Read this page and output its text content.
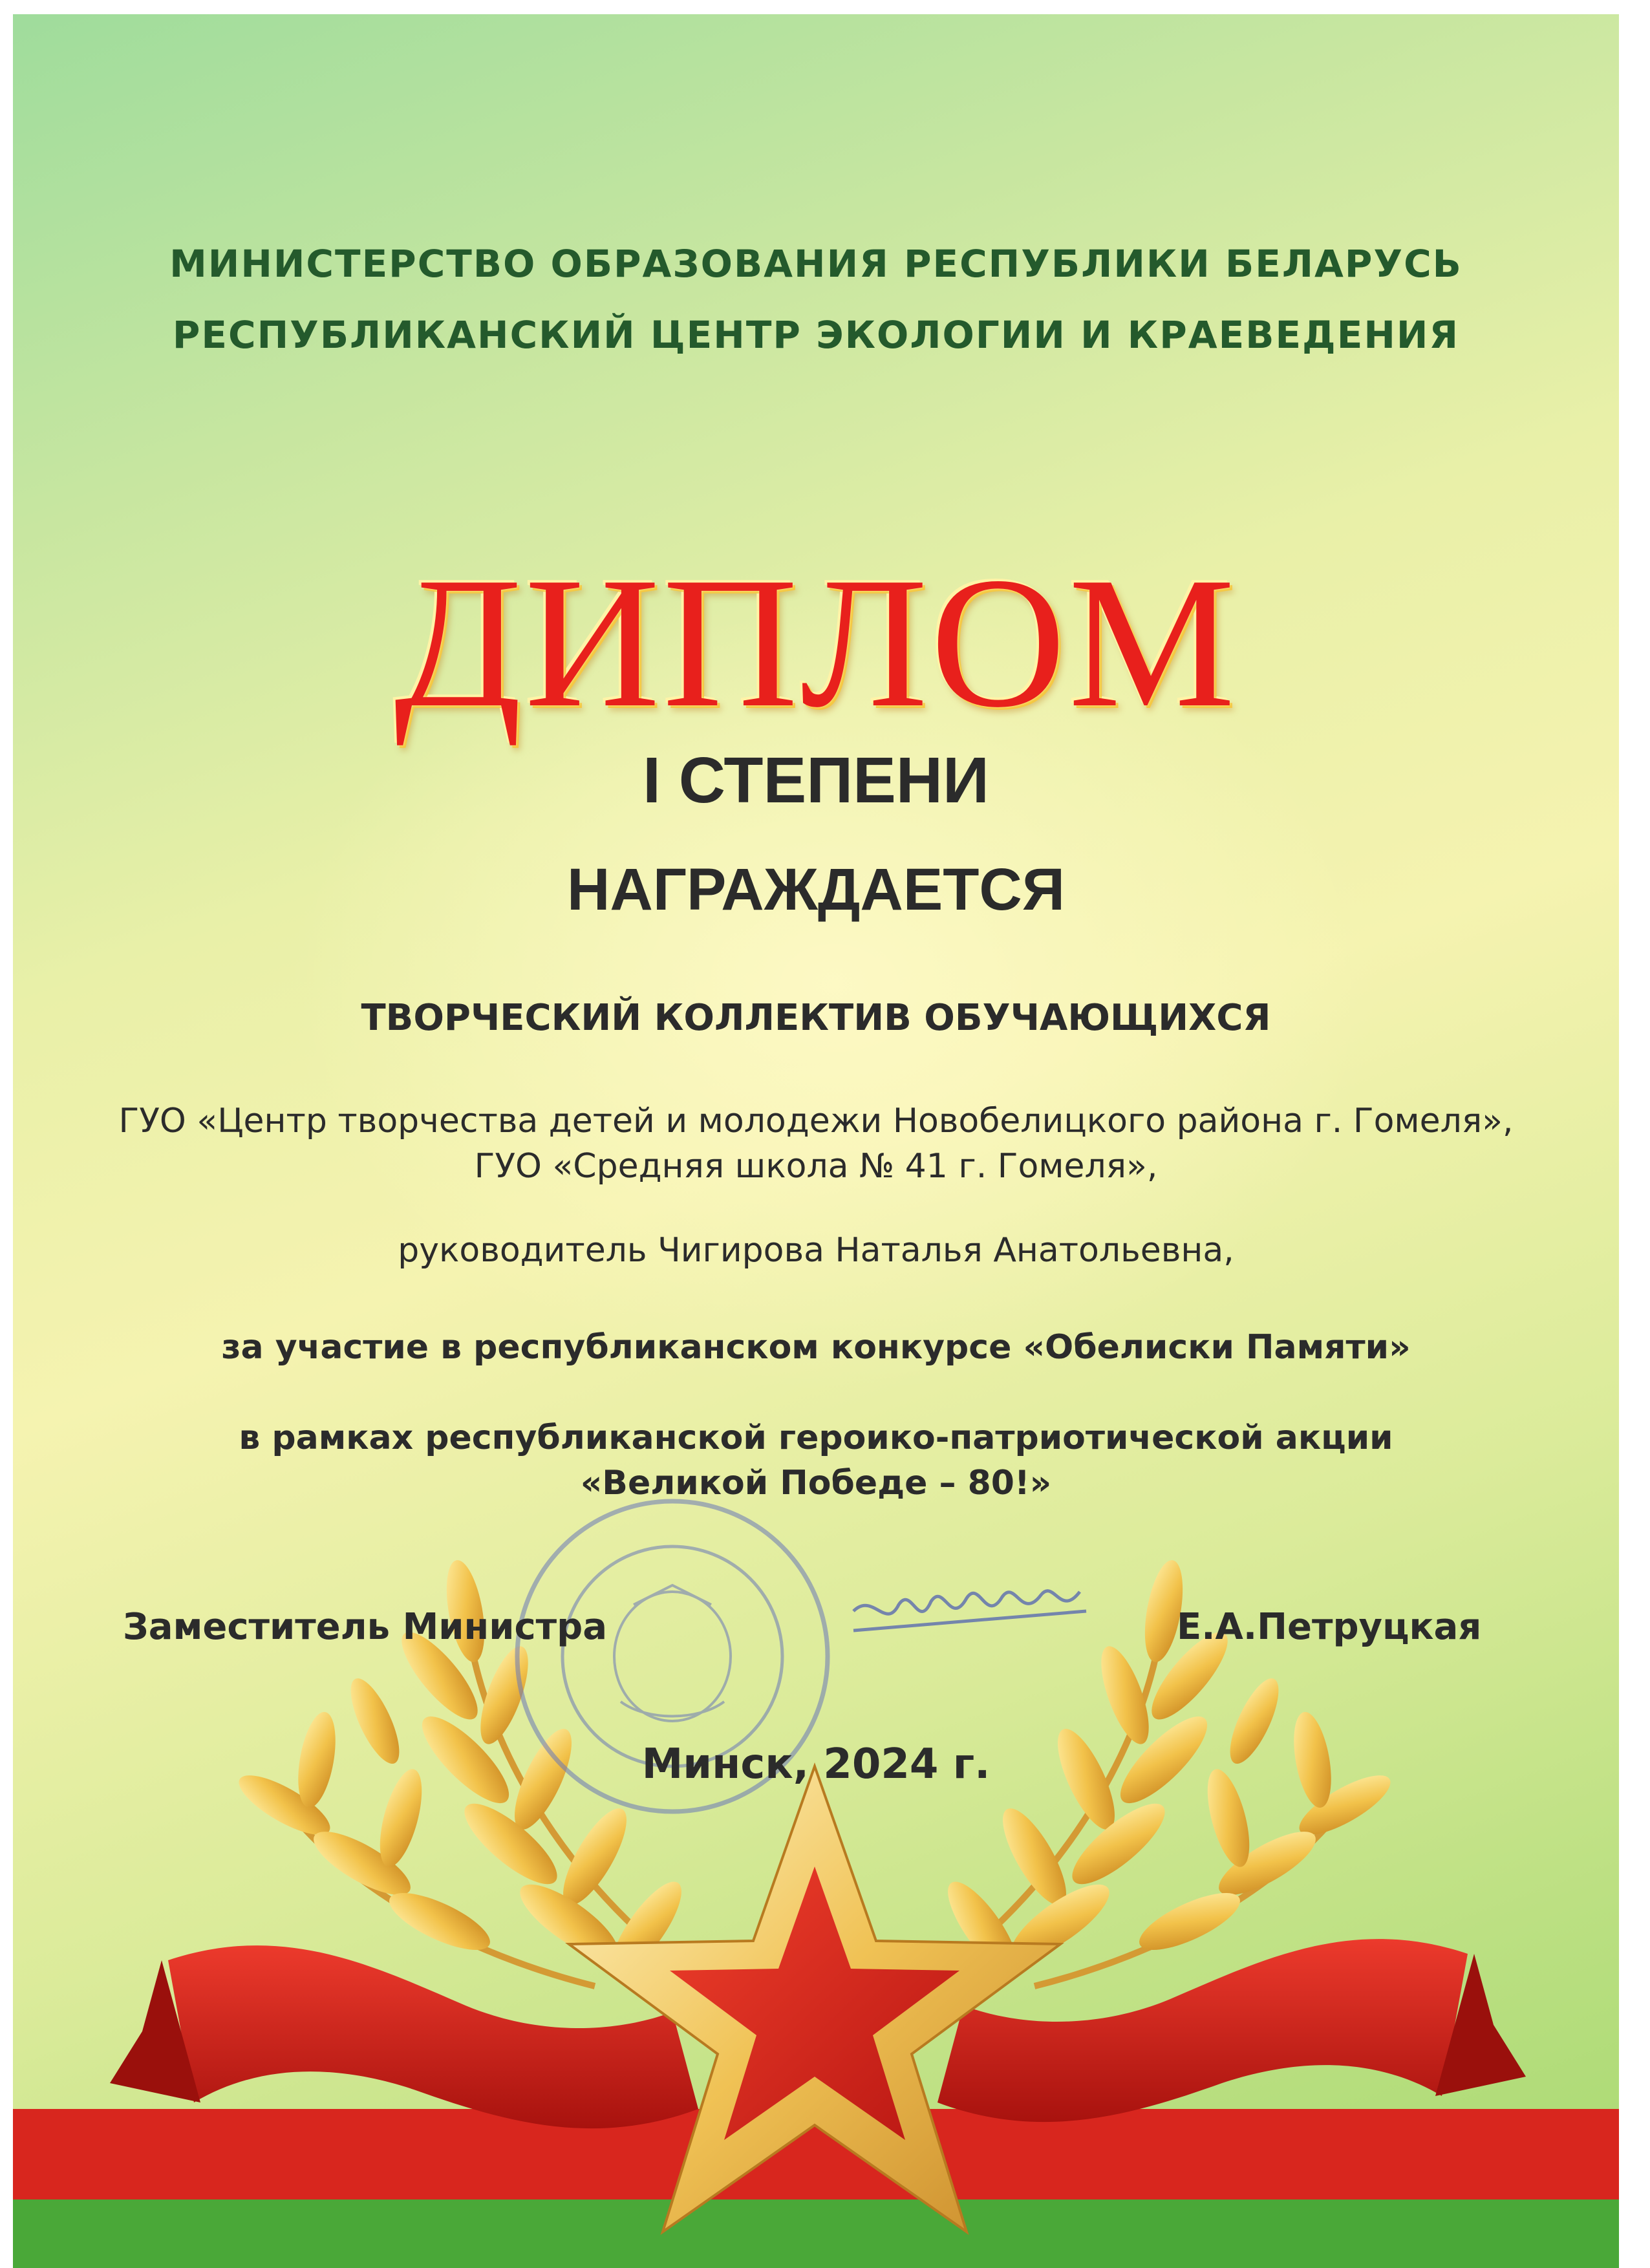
МИНИСТЕРСТВО ОБРАЗОВАНИЯ РЕСПУБЛИКИ БЕЛАРУСЬ

РЕСПУБЛИКАНСКИЙ ЦЕНТР ЭКОЛОГИИ И КРАЕВЕДЕНИЯ

ДИПЛОМ

I СТЕПЕНИ

НАГРАЖДАЕТСЯ

ТВОРЧЕСКИЙ КОЛЛЕКТИВ ОБУЧАЮЩИХСЯ

ГУО «Центр творчества детей и молодежи Новобелицкого района г. Гомеля»,

ГУО «Средняя школа № 41 г. Гомеля»,

руководитель Чигирова Наталья Анатольевна,

за участие в республиканском конкурсе «Обелиски Памяти»

в рамках республиканской героико-патриотической акции

«Великой Победе – 80!»

Заместитель Министра	Е.А.Петруцкая

Минск, 2024 г.
